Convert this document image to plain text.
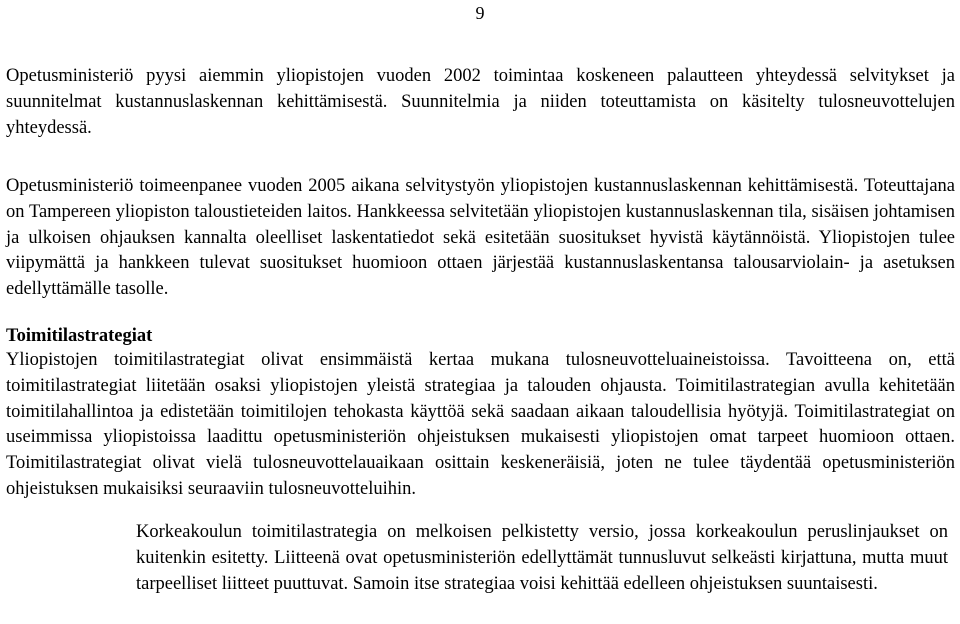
9

Opetusministeriö pyysi aiemmin yliopistojen vuoden 2002 toimintaa koskeneen palautteen yhteydessä selvitykset ja suunnitelmat kustannuslaskennan kehittämisestä. Suunnitelmia ja niiden toteuttamista on käsitelty tulosneuvottelujen yhteydessä.

Opetusministeriö toimeenpanee vuoden 2005 aikana selvitystyön yliopistojen kustannuslaskennan kehittämisestä. Toteuttajana on Tampereen yliopiston taloustieteiden laitos. Hankkeessa selvitetään yliopistojen kustannuslaskennan tila, sisäisen johtamisen ja ulkoisen ohjauksen kannalta oleelliset laskentatiedot sekä esitetään suositukset hyvistä käytännöistä. Yliopistojen tulee viipymättä ja hankkeen tulevat suositukset huomioon ottaen järjestää kustannuslaskentansa talousarviolain- ja asetuksen edellyttämälle tasolle.

Toimitilastrategiat

Yliopistojen toimitilastrategiat olivat ensimmäistä kertaa mukana tulosneuvotteluaineistoissa. Tavoitteena on, että toimitilastrategiat liitetään osaksi yliopistojen yleistä strategiaa ja talouden ohjausta. Toimitilastrategian avulla kehitetään toimitilahallintoa ja edistetään toimitilojen tehokasta käyttöä sekä saadaan aikaan taloudellisia hyötyjä. Toimitilastrategiat on useimmissa yliopistoissa laadittu opetusministeriön ohjeistuksen mukaisesti yliopistojen omat tarpeet huomioon ottaen. Toimitilastrategiat olivat vielä tulosneuvottelauaikaan osittain keskeneräisiä, joten ne tulee täydentää opetusministeriön ohjeistuksen mukaisiksi seuraaviin tulosneuvotteluihin.

Korkeakoulun toimitilastrategia on melkoisen pelkistetty versio, jossa korkeakoulun peruslinjaukset on kuitenkin esitetty. Liitteenä ovat opetusministeriön edellyttämät tunnusluvut selkeästi kirjattuna, mutta muut tarpeelliset liitteet puuttuvat. Samoin itse strategiaa voisi kehittää edelleen ohjeistuksen suuntaisesti.
